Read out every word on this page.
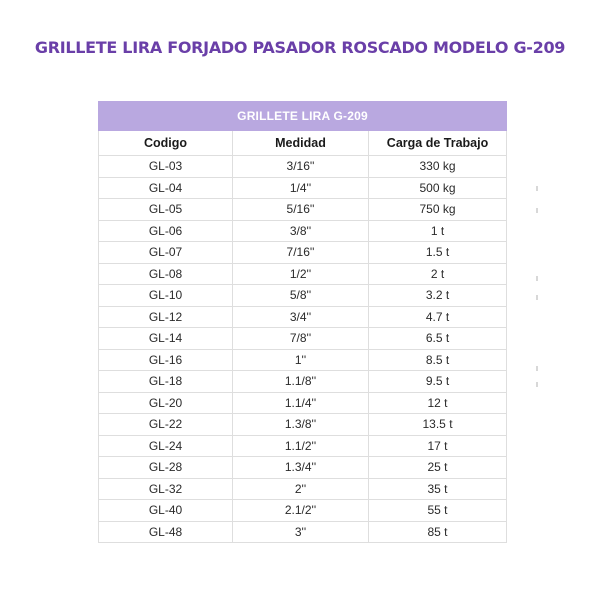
GRILLETE LIRA FORJADO PASADOR ROSCADO MODELO G-209
GRILLETE LIRA G-209		
Codigo	Medidad	Carga de Trabajo
GL-03	3/16''	330 kg
GL-04	1/4''	500 kg
GL-05	5/16''	750 kg
GL-06	3/8''	1 t
GL-07	7/16''	1.5 t
GL-08	1/2''	2 t
GL-10	5/8''	3.2 t
GL-12	3/4''	4.7 t
GL-14	7/8''	6.5 t
GL-16	1''	8.5 t
GL-18	1.1/8''	9.5 t
GL-20	1.1/4''	12 t
GL-22	1.3/8''	13.5 t
GL-24	1.1/2''	17 t
GL-28	1.3/4''	25 t
GL-32	2''	35 t
GL-40	2.1/2''	55 t
GL-48	3''	85 t
